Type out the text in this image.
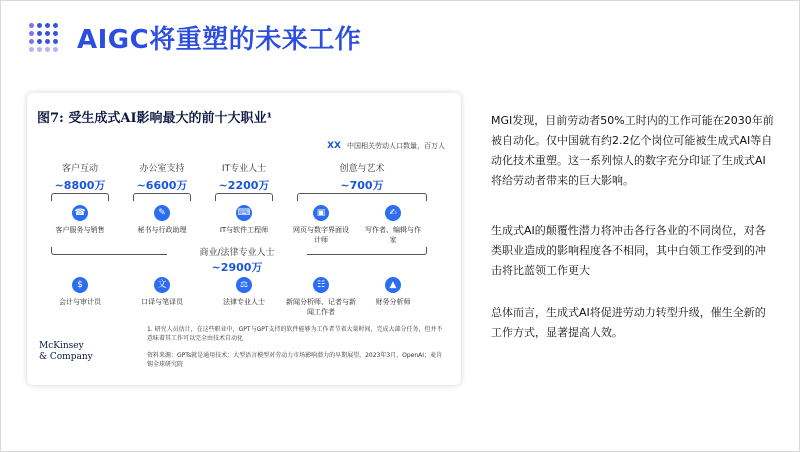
AIGC将重塑的未来工作
图7: 受生成式AI影响最大的前十大职业¹
XX 中国相关劳动人口数量，百万人
客户互动
~8800万
办公室支持
~6600万
IT专业人士
~2200万
创意与艺术
~700万
☎
客户服务与销售
✎
秘书与行政助理
⌨
IT与软件工程师
▣
网页与数字界面设计师
✍
写作者、编辑与作家
商业/法律专业人士
~2900万
$
会计与审计员
文
口译与笔译员
⚖
法律专业人士
☷
新闻分析师、记者与新闻工作者
▲
财务分析师
McKinsey
& Company
1. 研究人员估计，在这些职业中，GPT与GPT支持的软件能够为工作者节省大量时间，完成大部分任务，但并不意味着其工作可以完全由技术自动化
资料来源：GPTs就是通用技术：大型语言模型对劳动力市场影响潜力的早期展望，2023年3月，OpenAI；麦肯锡全球研究院
MGI发现，目前劳动者50%工时内的工作可能在2030年前被自动化。仅中国就有约2.2亿个岗位可能被生成式AI等自动化技术重塑。这一系列惊人的数字充分印证了生成式AI将给劳动者带来的巨大影响。
生成式AI的颠覆性潜力将冲击各行各业的不同岗位，对各类职业造成的影响程度各不相同，其中白领工作受到的冲击将比蓝领工作更大
总体而言，生成式AI将促进劳动力转型升级，催生全新的工作方式，显著提高人效。
